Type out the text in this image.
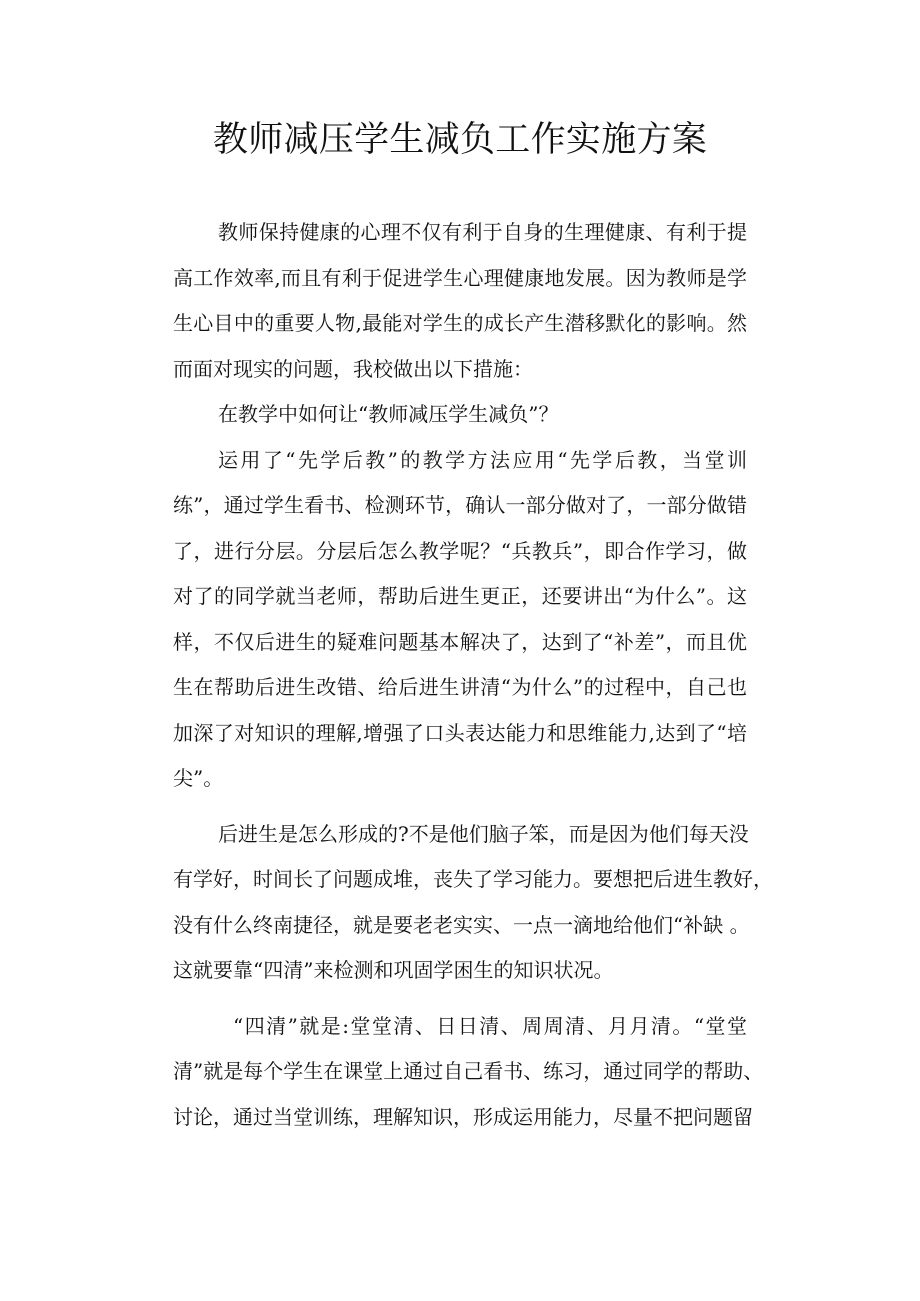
教师减压学生减负工作实施方案
教师保持健康的心理不仅有利于自身的生理健康、有利于提
高工作效率,而且有利于促进学生心理健康地发展。因为教师是学
生心目中的重要人物,最能对学生的成长产生潜移默化的影响。然
而面对现实的问题，我校做出以下措施：
在教学中如何让“教师减压学生减负”？
运用了“先学后教”的教学方法应用“先学后教，当堂训
练”，通过学生看书、检测环节，确认一部分做对了，一部分做错
了，进行分层。分层后怎么教学呢？“兵教兵”，即合作学习，做
对了的同学就当老师，帮助后进生更正，还要讲出“为什么”。这
样，不仅后进生的疑难问题基本解决了，达到了“补差”，而且优
生在帮助后进生改错、给后进生讲清“为什么”的过程中，自己也
加深了对知识的理解,增强了口头表达能力和思维能力,达到了“培
尖”。
后进生是怎么形成的?不是他们脑子笨，而是因为他们每天没
有学好，时间长了问题成堆，丧失了学习能力。要想把后进生教好，
没有什么终南捷径，就是要老老实实、一点一滴地给他们“补缺 。
这就要靠“四清”来检测和巩固学困生的知识状况。
“四清”就是:堂堂清、日日清、周周清、月月清。“堂堂
清”就是每个学生在课堂上通过自己看书、练习，通过同学的帮助、
讨论，通过当堂训练，理解知识，形成运用能力，尽量不把问题留
